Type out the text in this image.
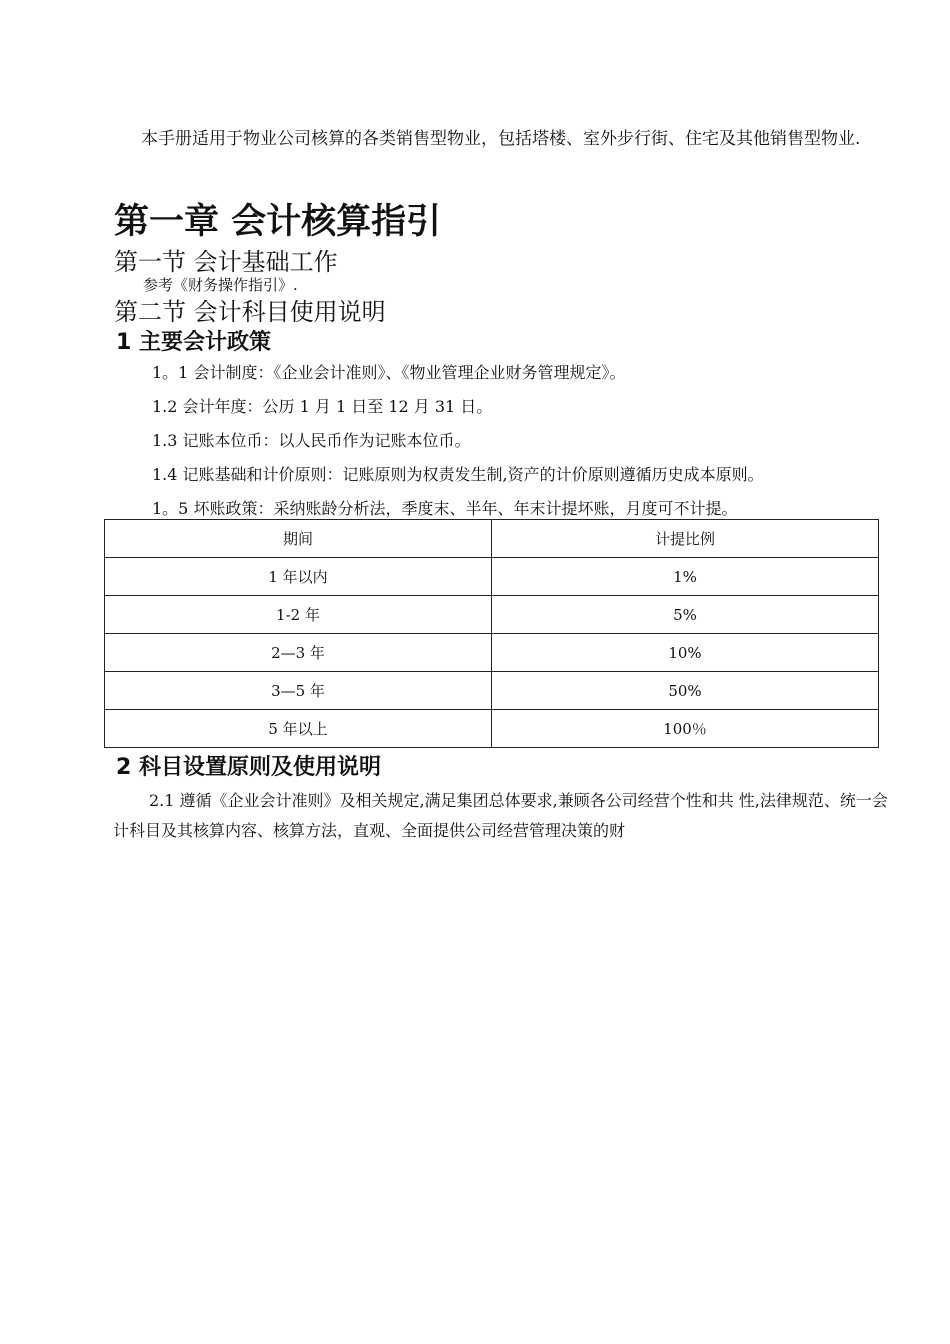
本手册适用于物业公司核算的各类销售型物业，包括塔楼、室外步行街、住宅及其他销售型物业.
第一章 会计核算指引
第一节 会计基础工作
参考《财务操作指引》.
第二节 会计科目使用说明
1 主要会计政策
1。1 会计制度：《企业会计准则》、《物业管理企业财务管理规定》。
1.2 会计年度：公历 1 月 1 日至 12 月 31 日。
1.3 记账本位币：以人民币作为记账本位币。
1.4 记账基础和计价原则：记账原则为权责发生制,资产的计价原则遵循历史成本原则。
1。5 坏账政策：采纳账龄分析法，季度末、半年、年末计提坏账，月度可不计提。
期间	计提比例
1 年以内	1%
1-2 年	5%
2—3 年	10%
3—5 年	50%
5 年以上	100％
2 科目设置原则及使用说明
2.1 遵循《企业会计准则》及相关规定,满足集团总体要求,兼顾各公司经营个性和共 性,法律规范、统一会计科目及其核算内容、核算方法，直观、全面提供公司经营管理决策的财
